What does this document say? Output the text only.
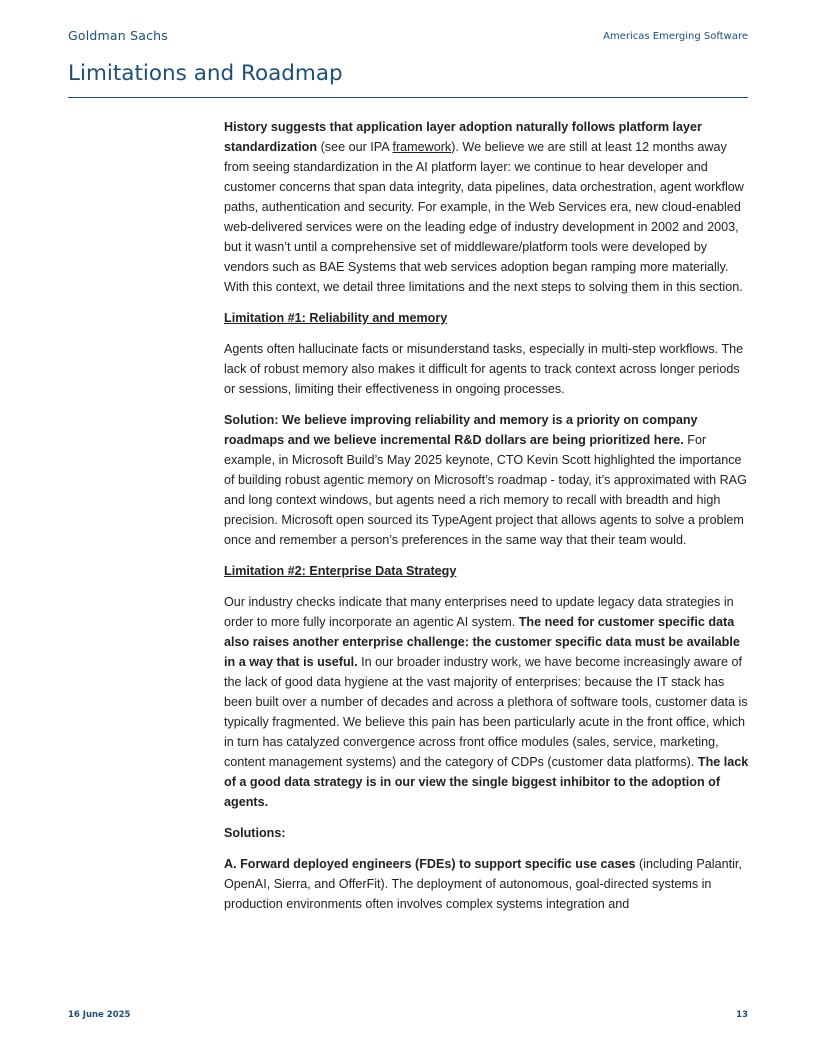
Goldman Sachs	Americas Emerging Software
Limitations and Roadmap

History suggests that application layer adoption naturally follows platform layer standardization (see our IPA framework). We believe we are still at least 12 months away from seeing standardization in the AI platform layer: we continue to hear developer and customer concerns that span data integrity, data pipelines, data orchestration, agent workflow paths, authentication and security. For example, in the Web Services era, new cloud-enabled web-delivered services were on the leading edge of industry development in 2002 and 2003, but it wasn’t until a comprehensive set of middleware/platform tools were developed by vendors such as BAE Systems that web services adoption began ramping more materially. With this context, we detail three limitations and the next steps to solving them in this section.

Limitation #1: Reliability and memory

Agents often hallucinate facts or misunderstand tasks, especially in multi-step workflows. The lack of robust memory also makes it difficult for agents to track context across longer periods or sessions, limiting their effectiveness in ongoing processes.

Solution: We believe improving reliability and memory is a priority on company roadmaps and we believe incremental R&D dollars are being prioritized here. For example, in Microsoft Build’s May 2025 keynote, CTO Kevin Scott highlighted the importance of building robust agentic memory on Microsoft’s roadmap - today, it’s approximated with RAG and long context windows, but agents need a rich memory to recall with breadth and high precision. Microsoft open sourced its TypeAgent project that allows agents to solve a problem once and remember a person’s preferences in the same way that their team would.

Limitation #2: Enterprise Data Strategy

Our industry checks indicate that many enterprises need to update legacy data strategies in order to more fully incorporate an agentic AI system. The need for customer specific data also raises another enterprise challenge: the customer specific data must be available in a way that is useful. In our broader industry work, we have become increasingly aware of the lack of good data hygiene at the vast majority of enterprises: because the IT stack has been built over a number of decades and across a plethora of software tools, customer data is typically fragmented. We believe this pain has been particularly acute in the front office, which in turn has catalyzed convergence across front office modules (sales, service, marketing, content management systems) and the category of CDPs (customer data platforms). The lack of a good data strategy is in our view the single biggest inhibitor to the adoption of agents.

Solutions:

A. Forward deployed engineers (FDEs) to support specific use cases (including Palantir, OpenAI, Sierra, and OfferFit). The deployment of autonomous, goal-directed systems in production environments often involves complex systems integration and

16 June 2025	13
